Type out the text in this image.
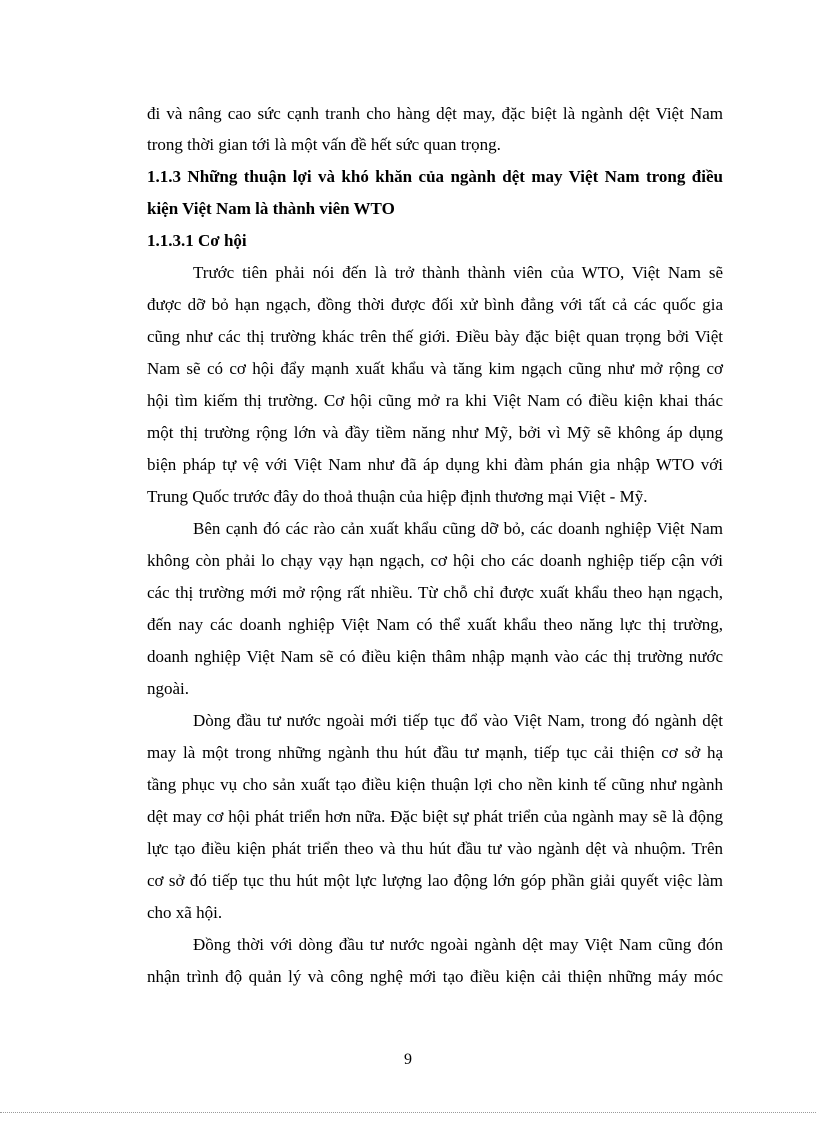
đi và nâng cao sức cạnh tranh cho hàng dệt may, đặc biệt là ngành dệt Việt Nam

trong thời gian tới là một vấn đề hết sức quan trọng.

1.1.3 Những thuận lợi và khó khăn của ngành dệt may Việt Nam trong điều

kiện Việt Nam là thành viên WTO

1.1.3.1 Cơ hội

Trước tiên phải nói đến là trở thành thành viên của WTO, Việt Nam sẽ

được dỡ bỏ hạn ngạch, đồng thời được đối xử bình đẳng với tất cả các quốc gia

cũng như các thị trường khác trên thế giới. Điều bày đặc biệt quan trọng bởi Việt

Nam sẽ có cơ hội đẩy mạnh xuất khẩu và tăng kim ngạch cũng như mở rộng cơ

hội tìm kiếm thị trường. Cơ hội cũng mở ra khi Việt Nam có điều kiện khai thác

một thị trường rộng lớn và đầy tiềm năng như Mỹ, bởi vì Mỹ sẽ không áp dụng

biện pháp tự vệ với Việt Nam như đã áp dụng khi đàm phán gia nhập WTO với

Trung Quốc trước đây do thoả thuận của hiệp định thương mại Việt - Mỹ.

Bên cạnh đó các rào cản xuất khẩu cũng dỡ bỏ, các doanh nghiệp Việt Nam

không còn phải lo chạy vạy hạn ngạch, cơ hội cho các doanh nghiệp tiếp cận với

các thị trường mới mở rộng rất nhiều. Từ chỗ chỉ được xuất khẩu theo hạn ngạch,

đến nay các doanh nghiệp Việt Nam có thể xuất khẩu theo năng lực thị trường,

doanh nghiệp Việt Nam sẽ có điều kiện thâm nhập mạnh vào các thị trường nước

ngoài.

Dòng đầu tư nước ngoài mới tiếp tục đổ vào Việt Nam, trong đó ngành dệt

may là một trong những ngành thu hút đầu tư mạnh, tiếp tục cải thiện cơ sở hạ

tầng phục vụ cho sản xuất tạo điều kiện thuận lợi cho nền kinh tế cũng như ngành

dệt may cơ hội phát triển hơn nữa. Đặc biệt sự phát triển của ngành may sẽ là động

lực tạo điều kiện phát triển theo và thu hút đầu tư vào ngành dệt và nhuộm. Trên

cơ sở đó tiếp tục thu hút một lực lượng lao động lớn góp phần giải quyết việc làm

cho xã hội.

Đồng thời với dòng đầu tư nước ngoài ngành dệt may Việt Nam cũng đón

nhận trình độ quản lý và công nghệ mới tạo điều kiện cải thiện những máy móc

9
